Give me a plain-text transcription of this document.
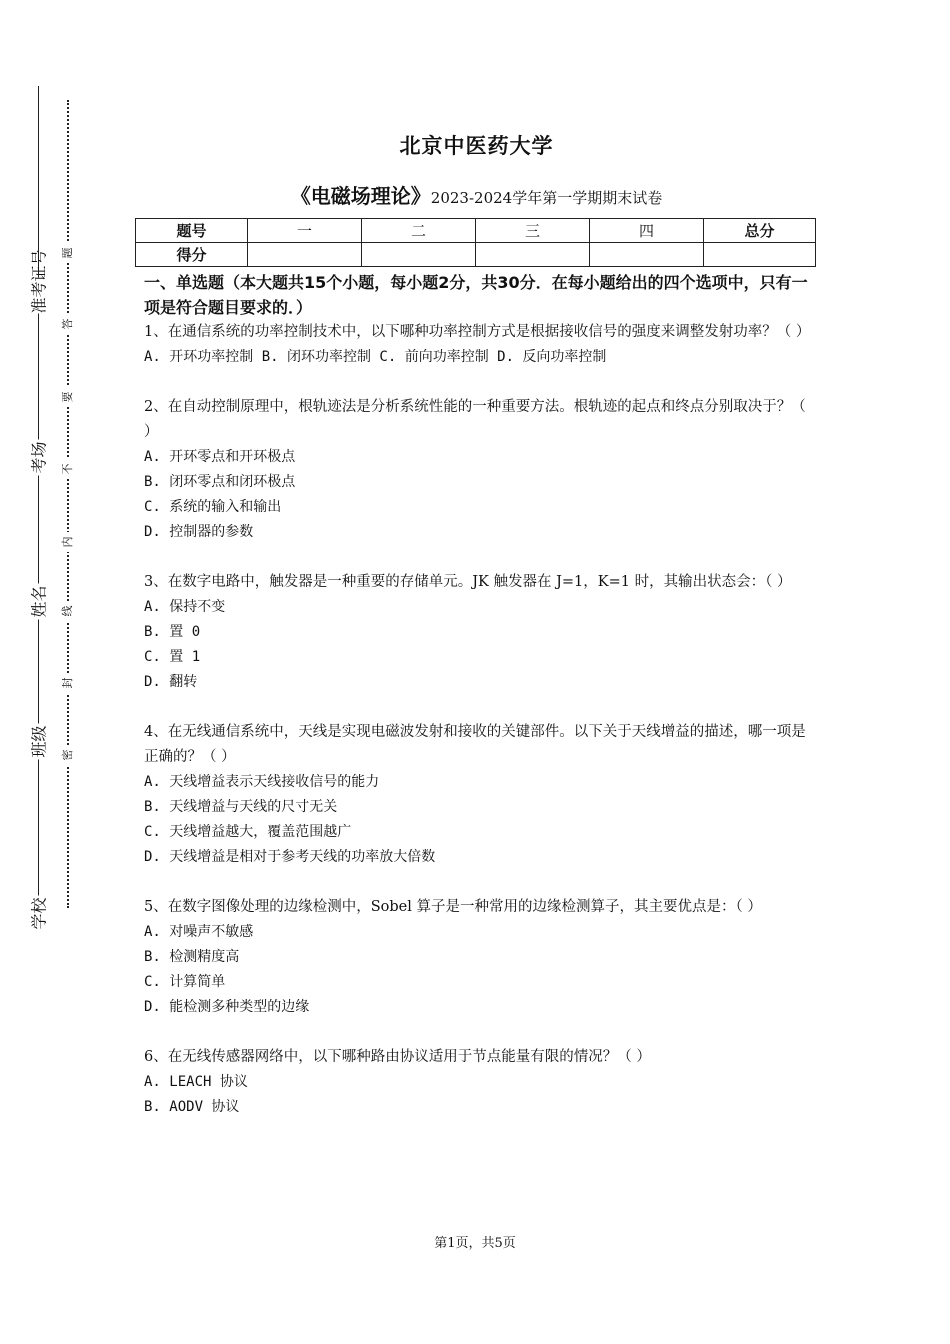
准考证号
考场
姓名
班级
学校
题
答
要
不
内
线
封
密
北京中医药大学
《电磁场理论》2023-2024学年第一学期期末试卷
题号	一	二	三	四	总分
得分					
一、单选题（本大题共15个小题，每小题2分，共30分．在每小题给出的四个选项中，只有一项是符合题目要求的．）

1、在通信系统的功率控制技术中，以下哪种功率控制方式是根据接收信号的强度来调整发射功率？（ ）

A. 开环功率控制 B. 闭环功率控制 C. 前向功率控制 D. 反向功率控制

2、在自动控制原理中，根轨迹法是分析系统性能的一种重要方法。根轨迹的起点和终点分别取决于？（ ）

A. 开环零点和开环极点

B. 闭环零点和闭环极点

C. 系统的输入和输出

D. 控制器的参数

3、在数字电路中，触发器是一种重要的存储单元。JK 触发器在 J=1，K=1 时，其输出状态会：（ ）

A. 保持不变

B. 置 0

C. 置 1

D. 翻转

4、在无线通信系统中，天线是实现电磁波发射和接收的关键部件。以下关于天线增益的描述，哪一项是正确的？（ ）

A. 天线增益表示天线接收信号的能力

B. 天线增益与天线的尺寸无关

C. 天线增益越大，覆盖范围越广

D. 天线增益是相对于参考天线的功率放大倍数

5、在数字图像处理的边缘检测中，Sobel 算子是一种常用的边缘检测算子，其主要优点是：（ ）

A. 对噪声不敏感

B. 检测精度高

C. 计算简单

D. 能检测多种类型的边缘

6、在无线传感器网络中，以下哪种路由协议适用于节点能量有限的情况？（ ）

A. LEACH 协议

B. AODV 协议

第1页，共5页
